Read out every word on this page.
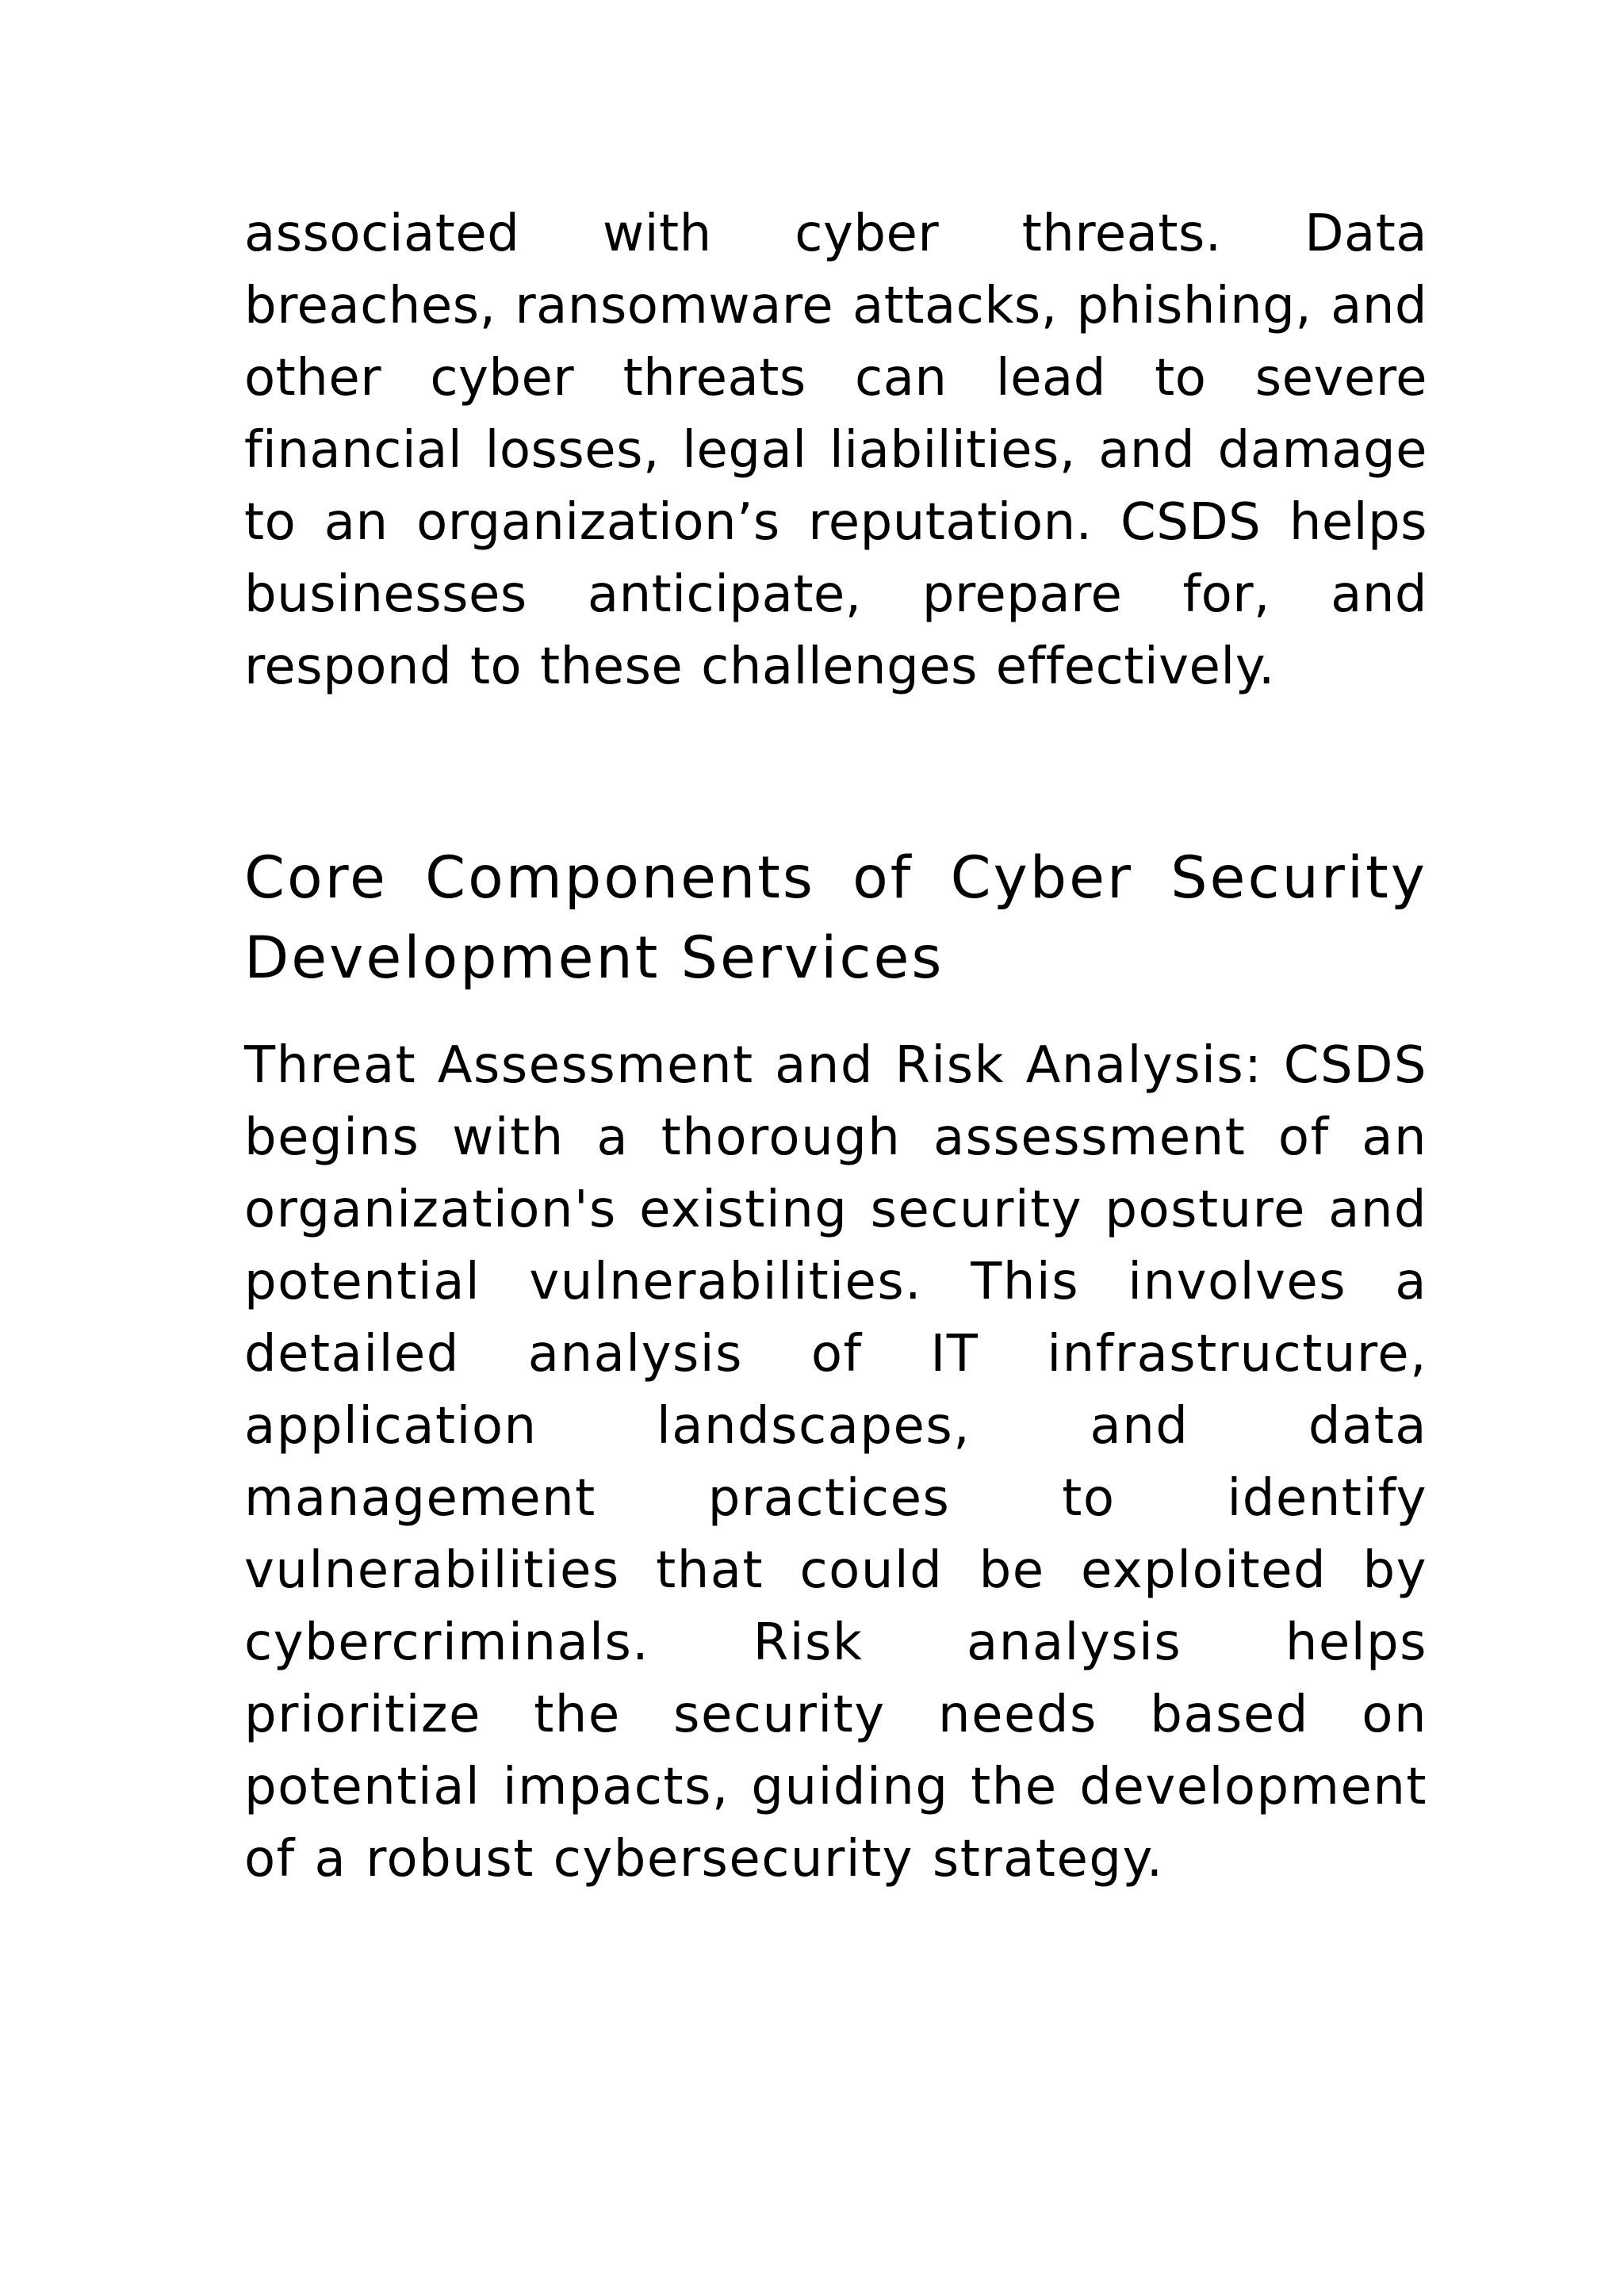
associated with cyber threats. Data breaches, ransomware attacks, phishing, and other cyber threats can lead to severe financial losses, legal liabilities, and damage to an organization’s reputation. CSDS helps businesses anticipate, prepare for, and respond to these challenges effectively.

Core Components of Cyber Security Development Services

Threat Assessment and Risk Analysis: CSDS begins with a thorough assessment of an organization's existing security posture and potential vulnerabilities. This involves a detailed analysis of IT infrastructure, application landscapes, and data management practices to identify vulnerabilities that could be exploited by cybercriminals. Risk analysis helps prioritize the security needs based on potential impacts, guiding the development of a robust cybersecurity strategy.
